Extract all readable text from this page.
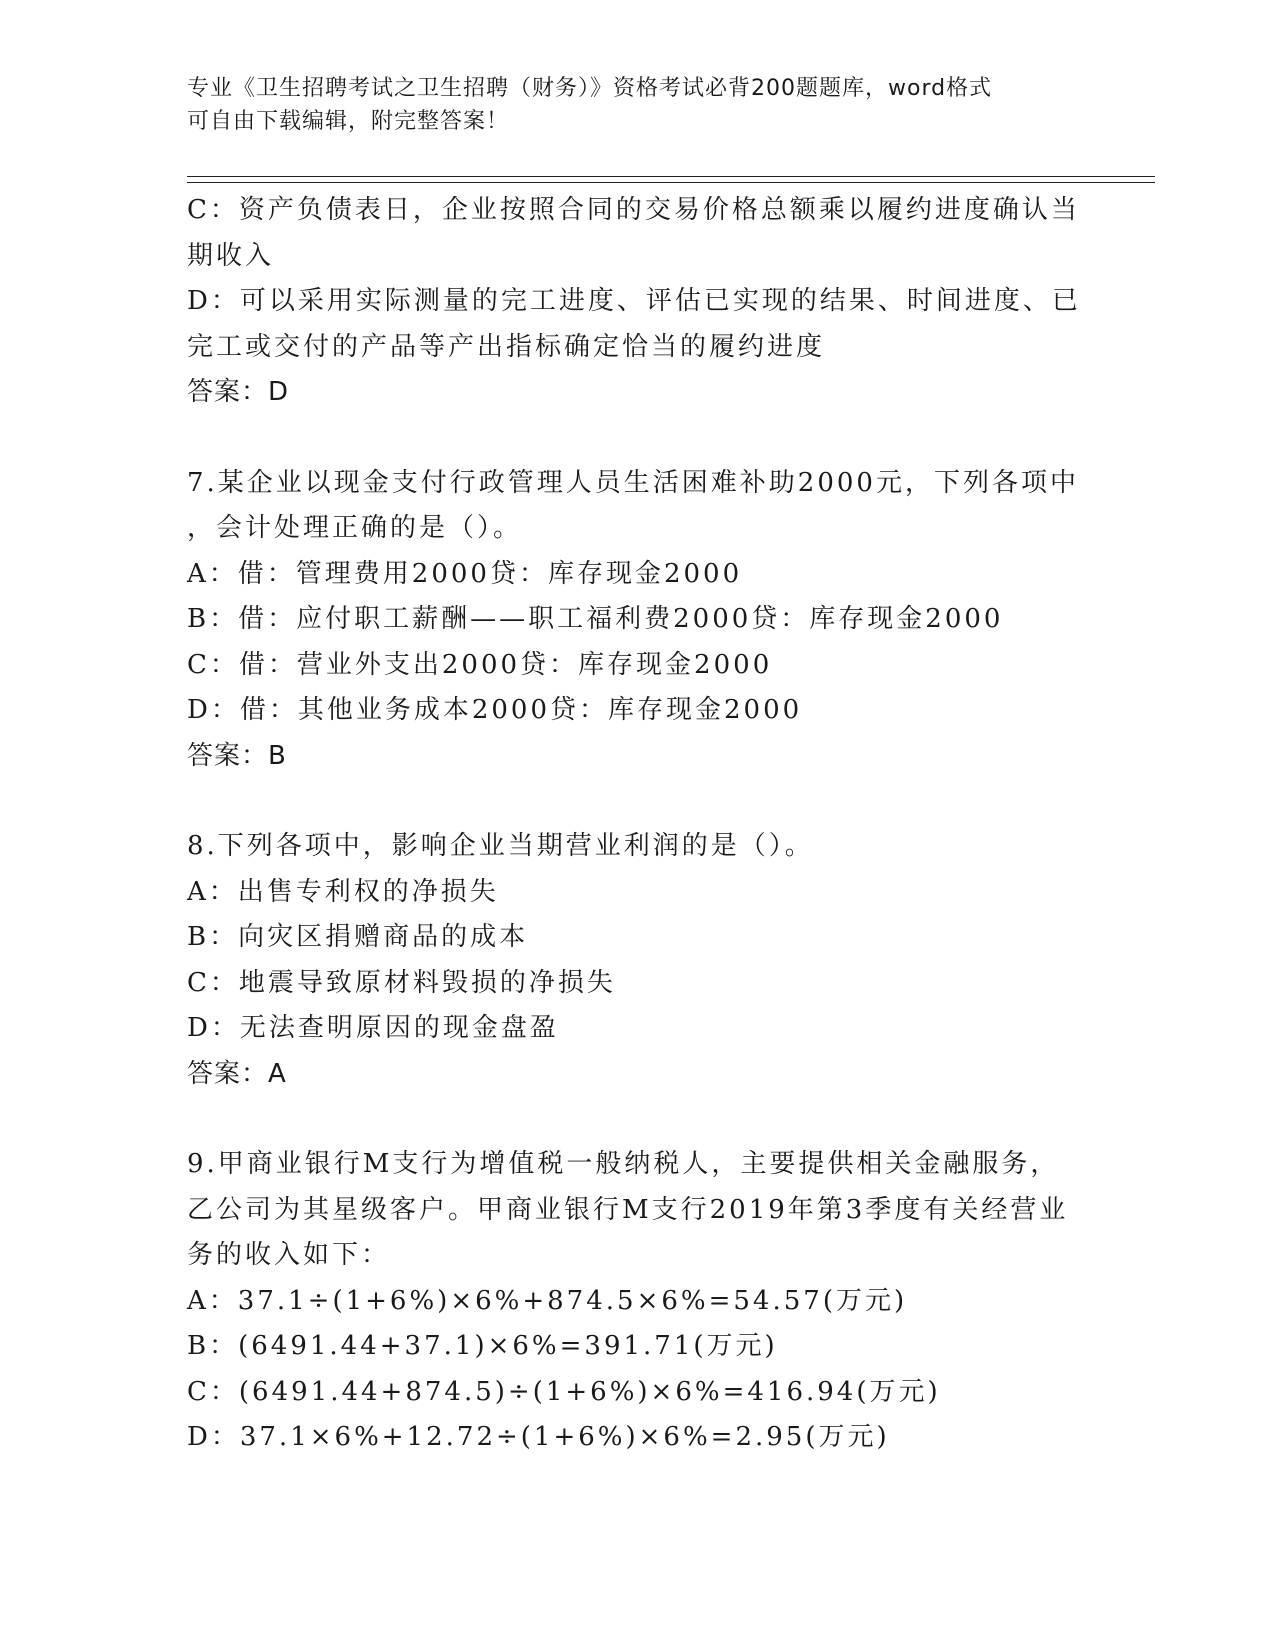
专业《卫生招聘考试之卫生招聘（财务）》资格考试必背200题题库，word格式
可自由下载编辑，附完整答案！
C：资产负债表日，企业按照合同的交易价格总额乘以履约进度确认当
期收入
D：可以采用实际测量的完工进度、评估已实现的结果、时间进度、已
完工或交付的产品等产出指标确定恰当的履约进度
答案：D
7.某企业以现金支付行政管理人员生活困难补助2000元，下列各项中
，会计处理正确的是（）。
A：借：管理费用2000贷：库存现金2000
B：借：应付职工薪酬——职工福利费2000贷：库存现金2000
C：借：营业外支出2000贷：库存现金2000
D：借：其他业务成本2000贷：库存现金2000
答案：B
8.下列各项中，影响企业当期营业利润的是（）。
A：出售专利权的净损失
B：向灾区捐赠商品的成本
C：地震导致原材料毁损的净损失
D：无法查明原因的现金盘盈
答案：A
9.甲商业银行M支行为增值税一般纳税人，主要提供相关金融服务，
乙公司为其星级客户。甲商业银行M支行2019年第3季度有关经营业
务的收入如下：
A：37.1÷(1+6%)×6%+874.5×6%=54.57(万元)
B：(6491.44+37.1)×6%=391.71(万元)
C：(6491.44+874.5)÷(1+6%)×6%=416.94(万元)
D：37.1×6%+12.72÷(1+6%)×6%=2.95(万元)
